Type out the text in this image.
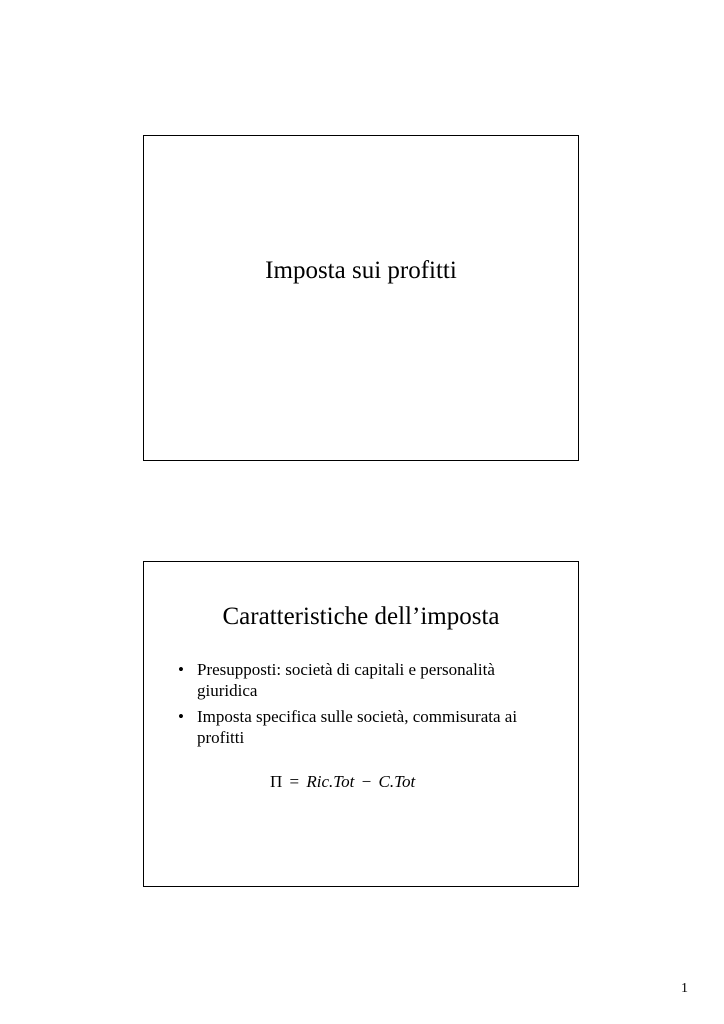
Imposta sui profitti
Caratteristiche dell’imposta
• Presupposti: società di capitali e personalità giuridica
• Imposta specifica sulle società, commisurata ai profitti
Π = Ric.Tot − C.Tot
1
